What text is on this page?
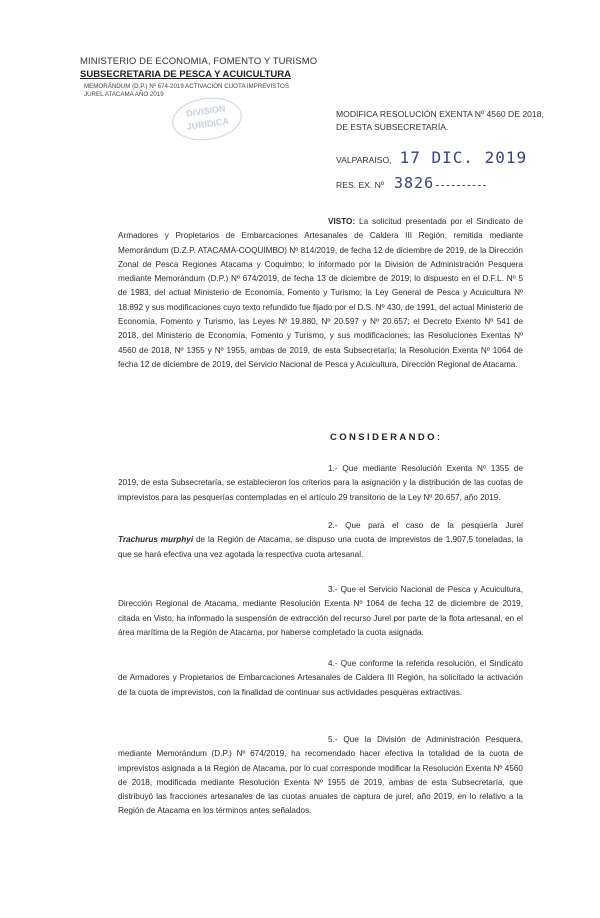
MINISTERIO DE ECONOMIA, FOMENTO Y TURISMO
SUBSECRETARIA DE PESCA Y ACUICULTURA
MEMORÁNDUM (D.P.) Nº 674-2019 ACTIVACIÓN CUOTA IMPREVISTOS
JUREL ATACAMA AÑO 2019
DIVISION
JURIDICA
MODIFICA RESOLUCIÓN EXENTA Nº 4560 DE 2018, DE ESTA SUBSECRETARÍA.
VALPARAISO, 17 DIC. 2019
RES. EX. Nº 3826
VISTO: La solicitud presentada por el Sindicato de Armadores y Propietarios de Embarcaciones Artesanales de Caldera III Región, remitida mediante Memorándum (D.Z.P. ATACAMA-COQUIMBO) Nº 814/2019, de fecha 12 de diciembre de 2019, de la Dirección Zonal de Pesca Regiones Atacama y Coquimbo; lo informado por la División de Administración Pesquera mediante Memorándum (D.P.) Nº 674/2019, de fecha 13 de diciembre de 2019; lo dispuesto en el D.F.L. Nº 5 de 1983, del actual Ministerio de Economía, Fomento y Turismo; la Ley General de Pesca y Acuicultura Nº 18.892 y sus modificaciones cuyo texto refundido fue fijado por el D.S. Nº 430, de 1991, del actual Ministerio de Economía, Fomento y Turismo, las Leyes Nº 19.880, Nº 20.597 y Nº 20.657; el Decreto Exento Nº 541 de 2018, del Ministerio de Economía, Fomento y Turismo, y sus modificaciones; las Resoluciones Exentas Nº 4560 de 2018, Nº 1355 y Nº 1955, ambas de 2019, de esta Subsecretaría; la Resolución Exenta Nº 1064 de fecha 12 de diciembre de 2019, del Servicio Nacional de Pesca y Acuicultura, Dirección Regional de Atacama.
CONSIDERANDO:
1.- Que mediante Resolución Exenta Nº 1355 de 2019, de esta Subsecretaría, se establecieron los criterios para la asignación y la distribución de las cuotas de imprevistos para las pesquerías contempladas en el artículo 29 transitorio de la Ley Nº 20.657, año 2019.
2.- Que para el caso de la pesquería Jurel Trachurus murphyi de la Región de Atacama, se dispuso una cuota de imprevistos de 1.907,5 toneladas, la que se hará efectiva una vez agotada la respectiva cuota artesanal.
3.- Que el Servicio Nacional de Pesca y Acuicultura, Dirección Regional de Atacama, mediante Resolución Exenta Nº 1064 de fecha 12 de diciembre de 2019, citada en Visto, ha informado la suspensión de extracción del recurso Jurel por parte de la flota artesanal, en el área marítima de la Región de Atacama, por haberse completado la cuota asignada.
4.- Que conforme la referida resolución, el Sindicato de Armadores y Propietarios de Embarcaciones Artesanales de Caldera III Región, ha solicitado la activación de la cuota de imprevistos, con la finalidad de continuar sus actividades pesqueras extractivas.
5.- Que la División de Administración Pesquera, mediante Memorándum (D.P.) Nº 674/2019, ha recomendado hacer efectiva la totalidad de la cuota de imprevistos asignada a la Región de Atacama, por lo cual corresponde modificar la Resolución Exenta Nº 4560 de 2018, modificada mediante Resolución Exenta Nº 1955 de 2019, ambas de esta Subsecretaría, que distribuyó las fracciones artesanales de las cuotas anuales de captura de jurel, año 2019, en lo relativo a la Región de Atacama en los términos antes señalados.
